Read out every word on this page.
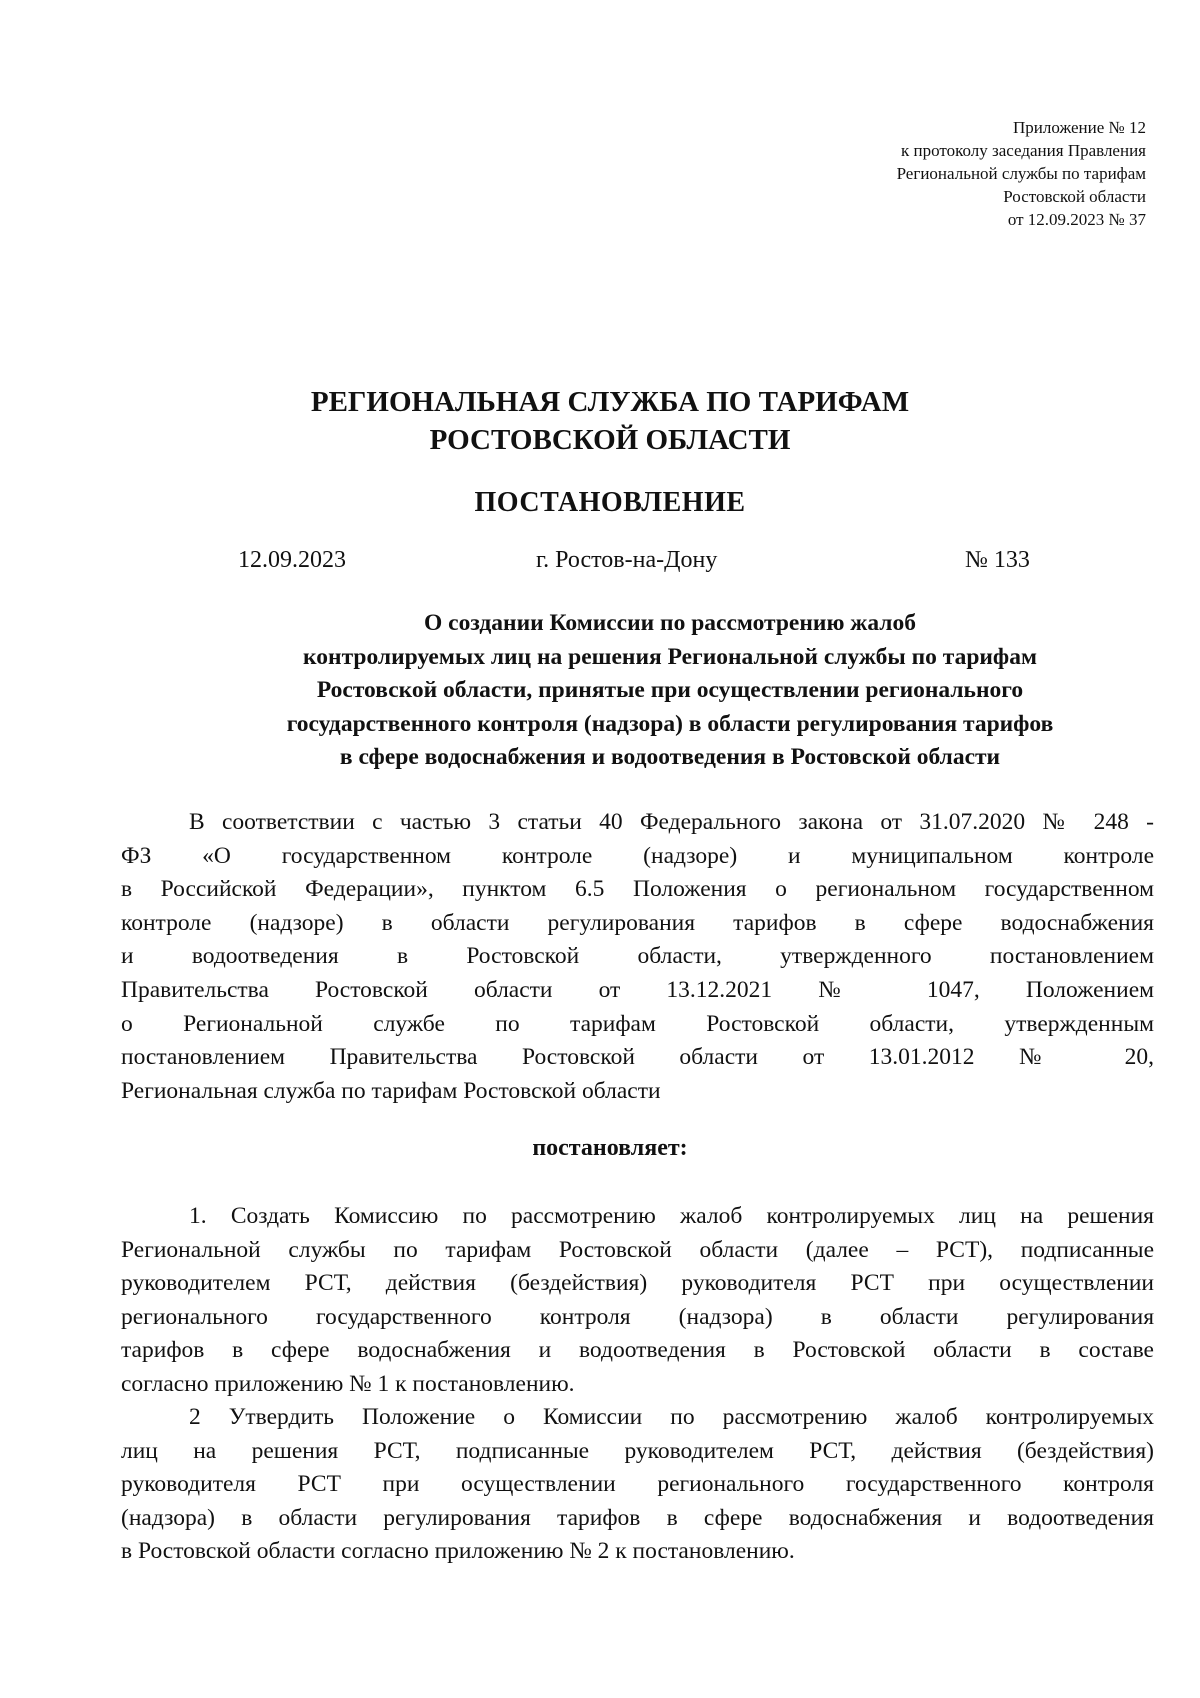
Приложение № 12
к протоколу заседания Правления
Региональной службы по тарифам
Ростовской области
от 12.09.2023 № 37
РЕГИОНАЛЬНАЯ СЛУЖБА ПО ТАРИФАМ
РОСТОВСКОЙ ОБЛАСТИ
ПОСТАНОВЛЕНИЕ
12.09.2023	г. Ростов-на-Дону	№ 133
О создании Комиссии по рассмотрению жалоб
контролируемых лиц на решения Региональной службы по тарифам
Ростовской области, принятые при осуществлении регионального
государственного контроля (надзора) в области регулирования тарифов
в сфере водоснабжения и водоотведения в Ростовской области
В соответствии с частью 3 статьи 40 Федерального закона от 31.07.2020 № 248 -
ФЗ «О государственном контроле (надзоре) и муниципальном контроле
в Российской Федерации», пунктом 6.5 Положения о региональном государственном
контроле (надзоре) в области регулирования тарифов в сфере водоснабжения
и водоотведения в Ростовской области, утвержденного постановлением
Правительства Ростовской области от 13.12.2021 № 1047, Положением
о Региональной службе по тарифам Ростовской области, утвержденным
постановлением Правительства Ростовской области от 13.01.2012 № 20,
Региональная служба по тарифам Ростовской области
постановляет:
1. Создать Комиссию по рассмотрению жалоб контролируемых лиц на решения
Региональной службы по тарифам Ростовской области (далее – РСТ), подписанные
руководителем РСТ, действия (бездействия) руководителя РСТ при осуществлении
регионального государственного контроля (надзора) в области регулирования
тарифов в сфере водоснабжения и водоотведения в Ростовской области в составе
согласно приложению № 1 к постановлению.
2 Утвердить Положение о Комиссии по рассмотрению жалоб контролируемых
лиц на решения РСТ, подписанные руководителем РСТ, действия (бездействия)
руководителя РСТ при осуществлении регионального государственного контроля
(надзора) в области регулирования тарифов в сфере водоснабжения и водоотведения
в Ростовской области согласно приложению № 2 к постановлению.
